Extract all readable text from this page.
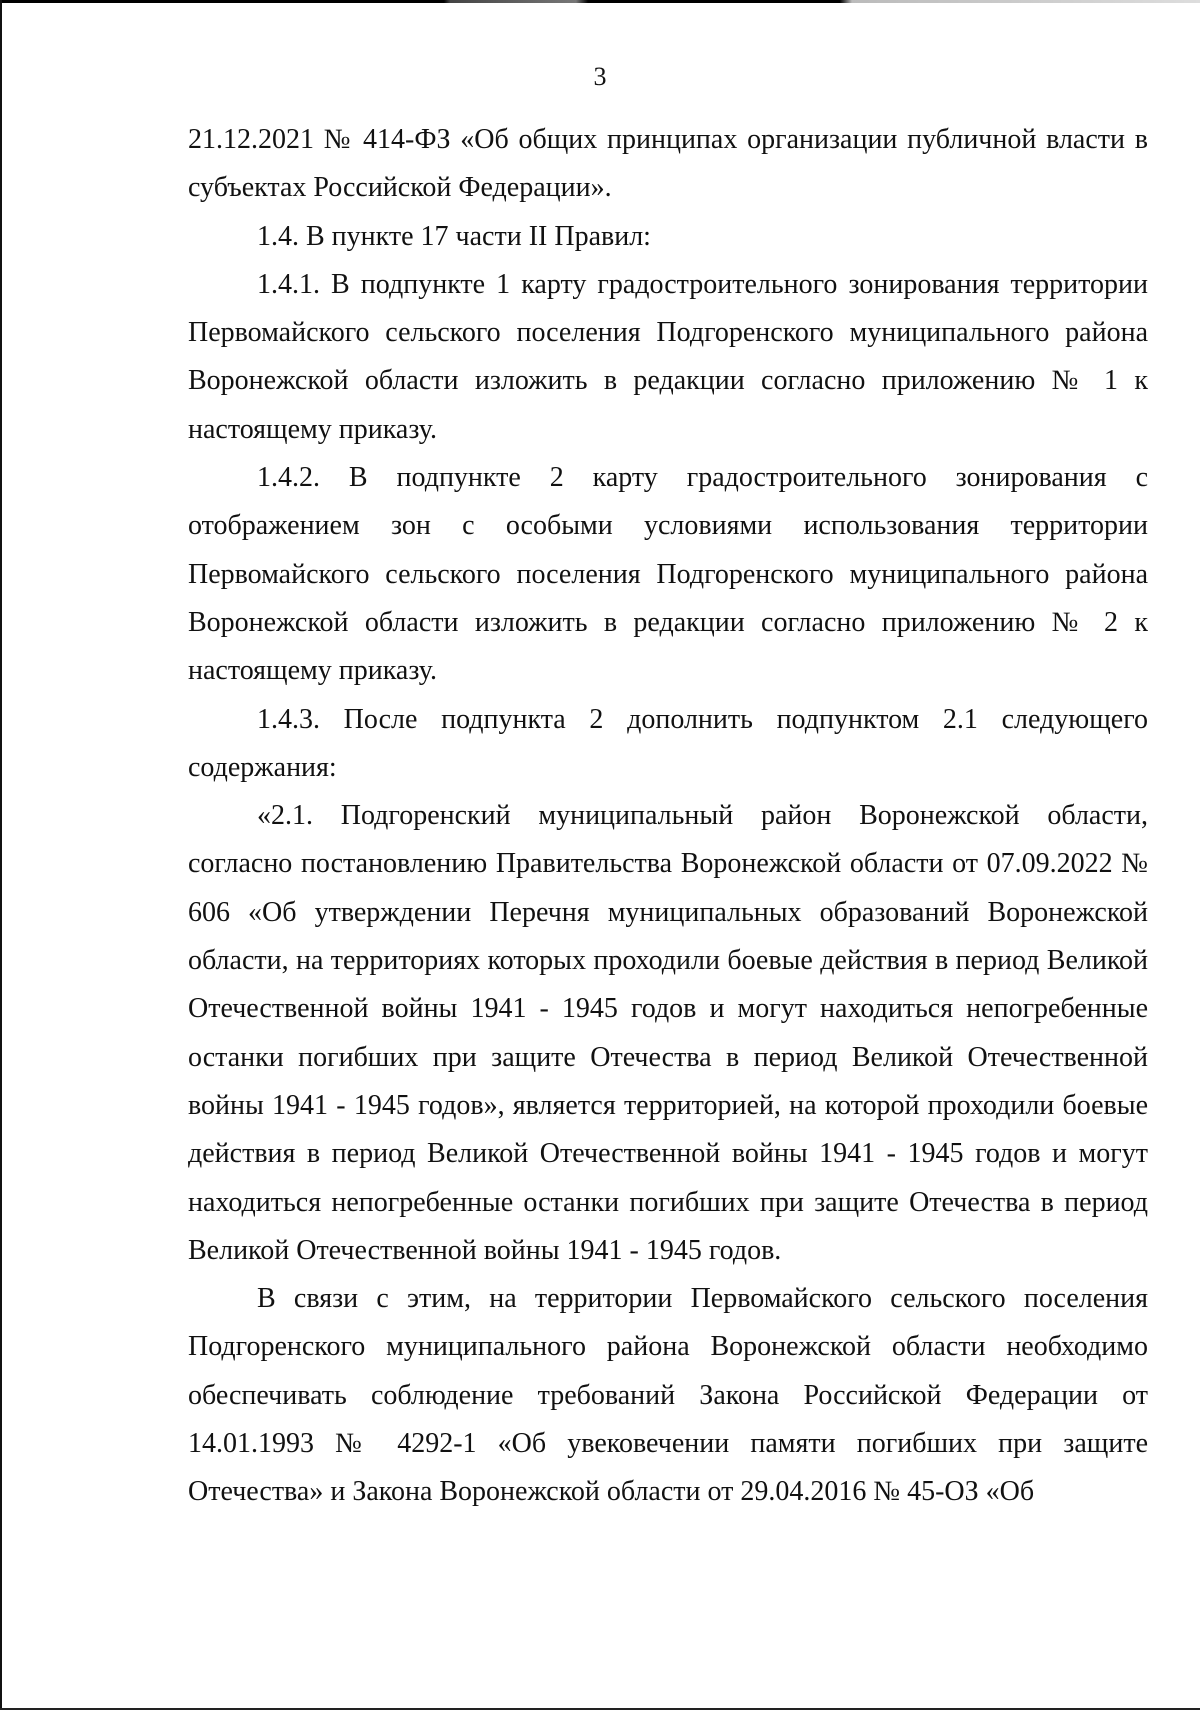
3

21.12.2021 № 414-ФЗ «Об общих принципах организации публичной власти в субъектах Российской Федерации».

1.4. В пункте 17 части II Правил:

1.4.1. В подпункте 1 карту градостроительного зонирования территории Первомайского сельского поселения Подгоренского муниципального района Воронежской области изложить в редакции согласно приложению № 1 к настоящему приказу.

1.4.2. В подпункте 2 карту градостроительного зонирования с отображением зон с особыми условиями использования территории Первомайского сельского поселения Подгоренского муниципального района Воронежской области изложить в редакции согласно приложению № 2 к настоящему приказу.

1.4.3. После подпункта 2 дополнить подпунктом 2.1 следующего содержания:

«2.1. Подгоренский муниципальный район Воронежской области, согласно постановлению Правительства Воронежской области от 07.09.2022 № 606 «Об утверждении Перечня муниципальных образований Воронежской области, на территориях которых проходили боевые действия в период Великой Отечественной войны 1941 - 1945 годов и могут находиться непогребенные останки погибших при защите Отечества в период Великой Отечественной войны 1941 - 1945 годов», является территорией, на которой проходили боевые действия в период Великой Отечественной войны 1941 - 1945 годов и могут находиться непогребенные останки погибших при защите Отечества в период Великой Отечественной войны 1941 - 1945 годов.

В связи с этим, на территории Первомайского сельского поселения Подгоренского муниципального района Воронежской области необходимо обеспечивать соблюдение требований Закона Российской Федерации от 14.01.1993 № 4292-1 «Об увековечении памяти погибших при защите Отечества» и Закона Воронежской области от 29.04.2016 № 45-ОЗ «Об
